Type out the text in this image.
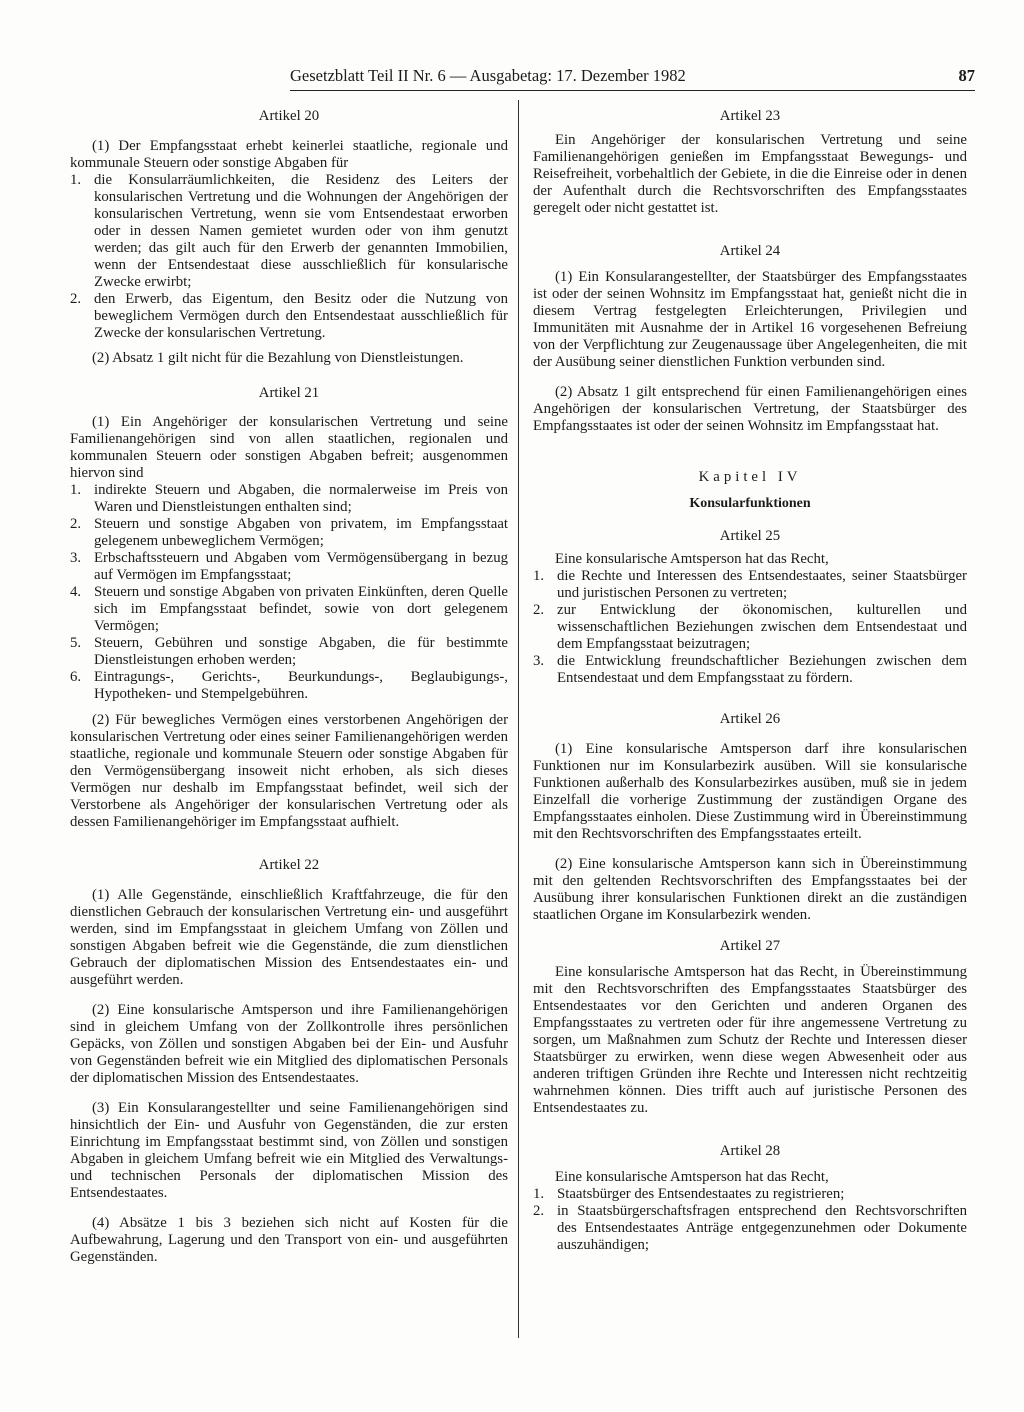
Gesetzblatt Teil II Nr. 6 — Ausgabetag: 17. Dezember 1982	87
Artikel 20
(1) Der Empfangsstaat erhebt keinerlei staatliche, regionale und kommunale Steuern oder sonstige Abgaben für
1. die Konsularräumlichkeiten, die Residenz des Leiters der konsularischen Vertretung und die Wohnungen der Angehörigen der konsularischen Vertretung, wenn sie vom Entsendestaat erworben oder in dessen Namen gemietet wurden oder von ihm genutzt werden; das gilt auch für den Erwerb der genannten Immobilien, wenn der Entsendestaat diese ausschließlich für konsularische Zwecke erwirbt;
2. den Erwerb, das Eigentum, den Besitz oder die Nutzung von beweglichem Vermögen durch den Entsendestaat ausschließlich für Zwecke der konsularischen Vertretung.
(2) Absatz 1 gilt nicht für die Bezahlung von Dienstleistungen.
Artikel 21
(1) Ein Angehöriger der konsularischen Vertretung und seine Familienangehörigen sind von allen staatlichen, regionalen und kommunalen Steuern oder sonstigen Abgaben befreit; ausgenommen hiervon sind
1. indirekte Steuern und Abgaben, die normalerweise im Preis von Waren und Dienstleistungen enthalten sind;
2. Steuern und sonstige Abgaben von privatem, im Empfangsstaat gelegenem unbeweglichem Vermögen;
3. Erbschaftssteuern und Abgaben vom Vermögensübergang in bezug auf Vermögen im Empfangsstaat;
4. Steuern und sonstige Abgaben von privaten Einkünften, deren Quelle sich im Empfangsstaat befindet, sowie von dort gelegenem Vermögen;
5. Steuern, Gebühren und sonstige Abgaben, die für bestimmte Dienstleistungen erhoben werden;
6. Eintragungs-, Gerichts-, Beurkundungs-, Beglaubigungs-, Hypotheken- und Stempelgebühren.
(2) Für bewegliches Vermögen eines verstorbenen Angehörigen der konsularischen Vertretung oder eines seiner Familienangehörigen werden staatliche, regionale und kommunale Steuern oder sonstige Abgaben für den Vermögensübergang insoweit nicht erhoben, als sich dieses Vermögen nur deshalb im Empfangsstaat befindet, weil sich der Verstorbene als Angehöriger der konsularischen Vertretung oder als dessen Familienangehöriger im Empfangsstaat aufhielt.
Artikel 22
(1) Alle Gegenstände, einschließlich Kraftfahrzeuge, die für den dienstlichen Gebrauch der konsularischen Vertretung ein- und ausgeführt werden, sind im Empfangsstaat in gleichem Umfang von Zöllen und sonstigen Abgaben befreit wie die Gegenstände, die zum dienstlichen Gebrauch der diplomatischen Mission des Entsendestaates ein- und ausgeführt werden.
(2) Eine konsularische Amtsperson und ihre Familienangehörigen sind in gleichem Umfang von der Zollkontrolle ihres persönlichen Gepäcks, von Zöllen und sonstigen Abgaben bei der Ein- und Ausfuhr von Gegenständen befreit wie ein Mitglied des diplomatischen Personals der diplomatischen Mission des Entsendestaates.
(3) Ein Konsularangestellter und seine Familienangehörigen sind hinsichtlich der Ein- und Ausfuhr von Gegenständen, die zur ersten Einrichtung im Empfangsstaat bestimmt sind, von Zöllen und sonstigen Abgaben in gleichem Umfang befreit wie ein Mitglied des Verwaltungs- und technischen Personals der diplomatischen Mission des Entsendestaates.
(4) Absätze 1 bis 3 beziehen sich nicht auf Kosten für die Aufbewahrung, Lagerung und den Transport von ein- und ausgeführten Gegenständen.
Artikel 23
Ein Angehöriger der konsularischen Vertretung und seine Familienangehörigen genießen im Empfangsstaat Bewegungs- und Reisefreiheit, vorbehaltlich der Gebiete, in die die Einreise oder in denen der Aufenthalt durch die Rechtsvorschriften des Empfangsstaates geregelt oder nicht gestattet ist.
Artikel 24
(1) Ein Konsularangestellter, der Staatsbürger des Empfangsstaates ist oder der seinen Wohnsitz im Empfangsstaat hat, genießt nicht die in diesem Vertrag festgelegten Erleichterungen, Privilegien und Immunitäten mit Ausnahme der in Artikel 16 vorgesehenen Befreiung von der Verpflichtung zur Zeugenaussage über Angelegenheiten, die mit der Ausübung seiner dienstlichen Funktion verbunden sind.
(2) Absatz 1 gilt entsprechend für einen Familienangehörigen eines Angehörigen der konsularischen Vertretung, der Staatsbürger des Empfangsstaates ist oder der seinen Wohnsitz im Empfangsstaat hat.
Kapitel IV
Konsularfunktionen
Artikel 25
Eine konsularische Amtsperson hat das Recht,
1. die Rechte und Interessen des Entsendestaates, seiner Staatsbürger und juristischen Personen zu vertreten;
2. zur Entwicklung der ökonomischen, kulturellen und wissenschaftlichen Beziehungen zwischen dem Entsendestaat und dem Empfangsstaat beizutragen;
3. die Entwicklung freundschaftlicher Beziehungen zwischen dem Entsendestaat und dem Empfangsstaat zu fördern.
Artikel 26
(1) Eine konsularische Amtsperson darf ihre konsularischen Funktionen nur im Konsularbezirk ausüben. Will sie konsularische Funktionen außerhalb des Konsularbezirkes ausüben, muß sie in jedem Einzelfall die vorherige Zustimmung der zuständigen Organe des Empfangsstaates einholen. Diese Zustimmung wird in Übereinstimmung mit den Rechtsvorschriften des Empfangsstaates erteilt.
(2) Eine konsularische Amtsperson kann sich in Übereinstimmung mit den geltenden Rechtsvorschriften des Empfangsstaates bei der Ausübung ihrer konsularischen Funktionen direkt an die zuständigen staatlichen Organe im Konsularbezirk wenden.
Artikel 27
Eine konsularische Amtsperson hat das Recht, in Übereinstimmung mit den Rechtsvorschriften des Empfangsstaates Staatsbürger des Entsendestaates vor den Gerichten und anderen Organen des Empfangsstaates zu vertreten oder für ihre angemessene Vertretung zu sorgen, um Maßnahmen zum Schutz der Rechte und Interessen dieser Staatsbürger zu erwirken, wenn diese wegen Abwesenheit oder aus anderen triftigen Gründen ihre Rechte und Interessen nicht rechtzeitig wahrnehmen können. Dies trifft auch auf juristische Personen des Entsendestaates zu.
Artikel 28
Eine konsularische Amtsperson hat das Recht,
1. Staatsbürger des Entsendestaates zu registrieren;
2. in Staatsbürgerschaftsfragen entsprechend den Rechtsvorschriften des Entsendestaates Anträge entgegenzunehmen oder Dokumente auszuhändigen;
